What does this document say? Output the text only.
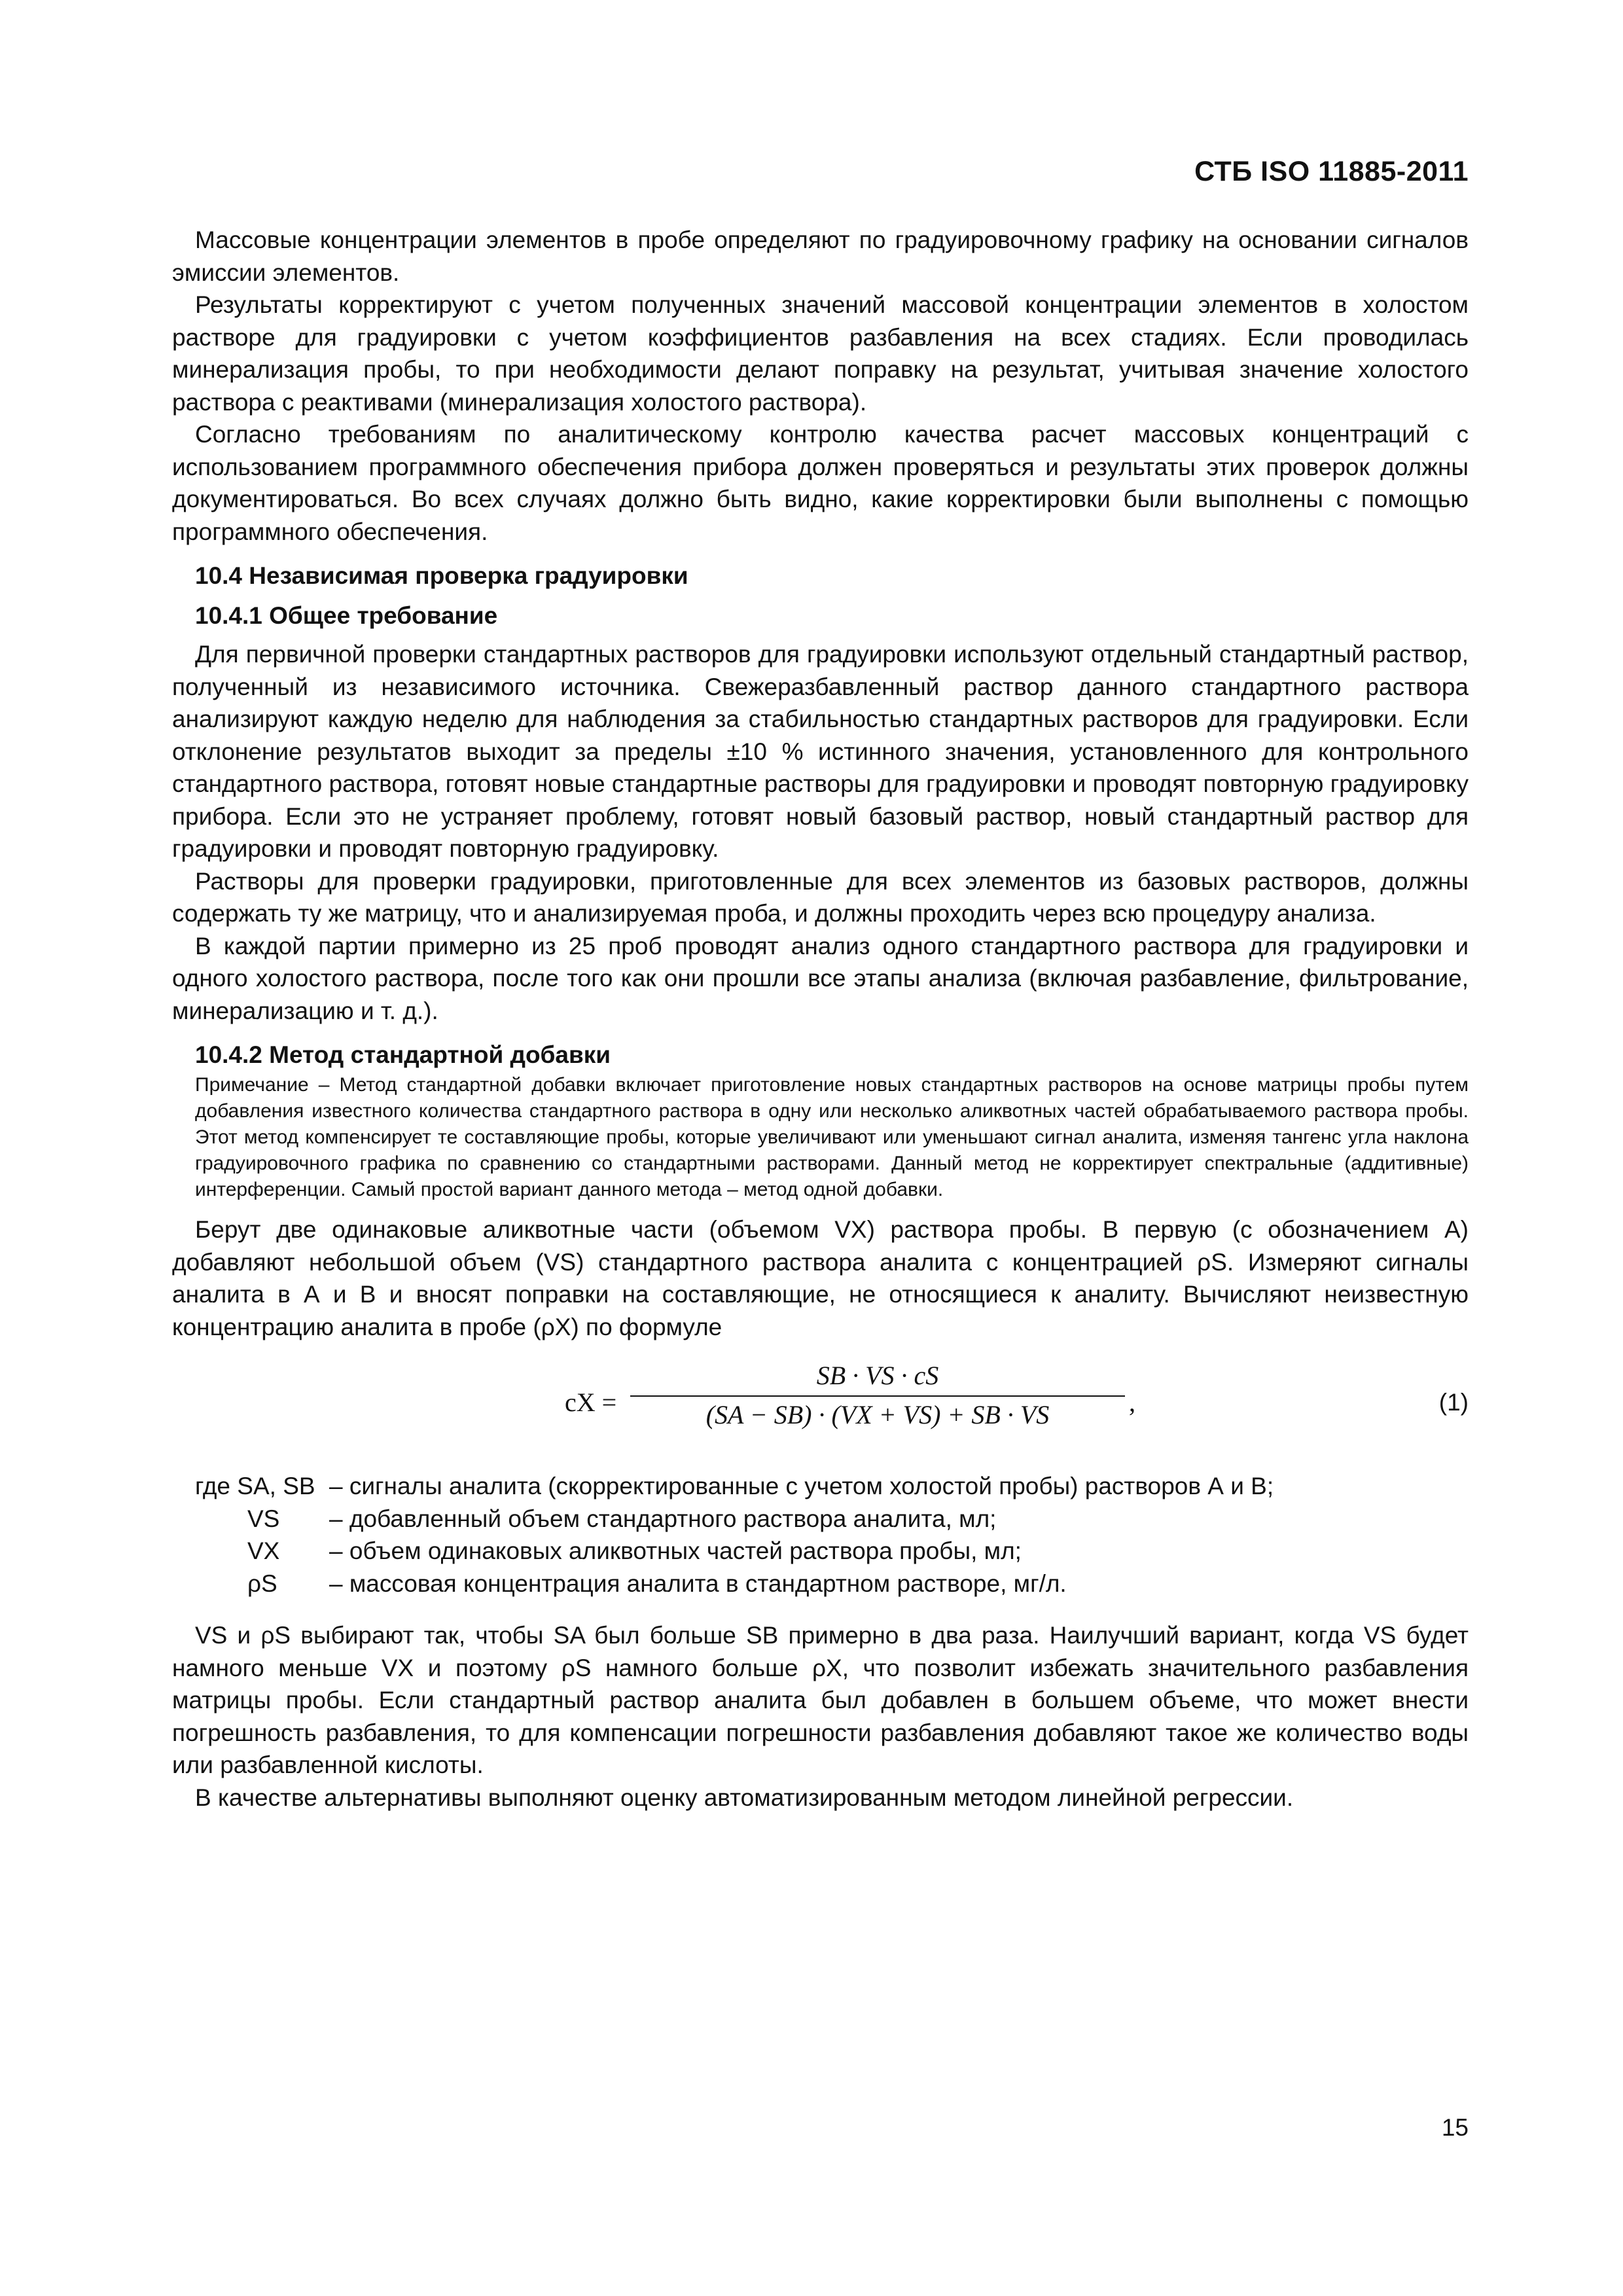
СТБ ISO 11885-2011

Массовые концентрации элементов в пробе определяют по градуировочному графику на основании сигналов эмиссии элементов.

Результаты корректируют с учетом полученных значений массовой концентрации элементов в холостом растворе для градуировки с учетом коэффициентов разбавления на всех стадиях. Если проводилась минерализация пробы, то при необходимости делают поправку на результат, учитывая значение холостого раствора с реактивами (минерализация холостого раствора).

Согласно требованиям по аналитическому контролю качества расчет массовых концентраций с использованием программного обеспечения прибора должен проверяться и результаты этих проверок должны документироваться. Во всех случаях должно быть видно, какие корректировки были выполнены с помощью программного обеспечения.

10.4 Независимая проверка градуировки
10.4.1 Общее требование

Для первичной проверки стандартных растворов для градуировки используют отдельный стандартный раствор, полученный из независимого источника. Свежеразбавленный раствор данного стандартного раствора анализируют каждую неделю для наблюдения за стабильностью стандартных растворов для градуировки. Если отклонение результатов выходит за пределы ±10 % истинного значения, установленного для контрольного стандартного раствора, готовят новые стандартные растворы для градуировки и проводят повторную градуировку прибора. Если это не устраняет проблему, готовят новый базовый раствор, новый стандартный раствор для градуировки и проводят повторную градуировку.

Растворы для проверки градуировки, приготовленные для всех элементов из базовых растворов, должны содержать ту же матрицу, что и анализируемая проба, и должны проходить через всю процедуру анализа.

В каждой партии примерно из 25 проб проводят анализ одного стандартного раствора для градуировки и одного холостого раствора, после того как они прошли все этапы анализа (включая разбавление, фильтрование, минерализацию и т. д.).

10.4.2 Метод стандартной добавки

Примечание – Метод стандартной добавки включает приготовление новых стандартных растворов на основе матрицы пробы путем добавления известного количества стандартного раствора в одну или несколько аликвотных частей обрабатываемого раствора пробы. Этот метод компенсирует те составляющие пробы, которые увеличивают или уменьшают сигнал аналита, изменяя тангенс угла наклона градуировочного графика по сравнению со стандартными растворами. Данный метод не корректирует спектральные (аддитивные) интерференции. Самый простой вариант данного метода – метод одной добавки.

Берут две одинаковые аликвотные части (объемом VX) раствора пробы. В первую (с обозначением А) добавляют небольшой объем (VS) стандартного раствора аналита с концентрацией ρS. Измеряют сигналы аналита в А и В и вносят поправки на составляющие, не относящиеся к аналиту. Вычисляют неизвестную концентрацию аналита в пробе (ρX) по формуле

cX =
SB · VS · cS
(SA − SB) · (VX + VS) + SB · VS	,	(1)
где SA, SB – сигналы аналита (скорректированные с учетом холостой пробы) растворов А и В;
VS	– добавленный объем стандартного раствора аналита, мл;
VX	– объем одинаковых аликвотных частей раствора пробы, мл;
ρS	– массовая концентрация аналита в стандартном растворе, мг/л.

VS и ρS выбирают так, чтобы SA был больше SB примерно в два раза. Наилучший вариант, когда VS будет намного меньше VX и поэтому ρS намного больше ρX, что позволит избежать значительного разбавления матрицы пробы. Если стандартный раствор аналита был добавлен в большем объеме, что может внести погрешность разбавления, то для компенсации погрешности разбавления добавляют такое же количество воды или разбавленной кислоты.

В качестве альтернативы выполняют оценку автоматизированным методом линейной регрессии.

15
